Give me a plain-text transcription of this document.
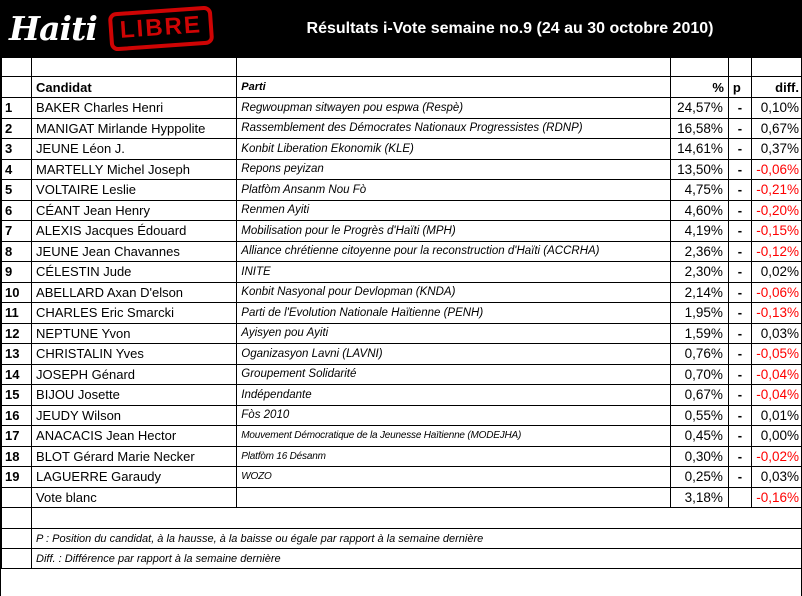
Haiti LIBRE	Résultats i-Vote semaine no.9 (24 au 30 octobre 2010)

	Candidat	Parti	%	p	diff.
1	BAKER Charles Henri	Regwoupman sitwayen pou espwa (Respè)	24,57%	-	0,10%
2	MANIGAT Mirlande Hyppolite	Rassemblement des Démocrates Nationaux Progressistes (RDNP)	16,58%	-	0,67%
3	JEUNE Léon J.	Konbit Liberation Ekonomik (KLE)	14,61%	-	0,37%
4	MARTELLY Michel Joseph	Repons peyizan	13,50%	-	-0,06%
5	VOLTAIRE Leslie	Platfòm Ansanm Nou Fò	4,75%	-	-0,21%
6	CÉANT Jean Henry	Renmen Ayiti	4,60%	-	-0,20%
7	ALEXIS Jacques Édouard	Mobilisation pour le Progrès d'Haïti (MPH)	4,19%	-	-0,15%
8	JEUNE Jean Chavannes	Alliance chrétienne citoyenne pour la reconstruction d'Haïti (ACCRHA)	2,36%	-	-0,12%
9	CÉLESTIN Jude	INITE	2,30%	-	0,02%
10	ABELLARD Axan D'elson	Konbit Nasyonal pour Devlopman (KNDA)	2,14%	-	-0,06%
11	CHARLES Eric Smarcki	Parti de l'Evolution Nationale Haïtienne (PENH)	1,95%	-	-0,13%
12	NEPTUNE Yvon	Ayisyen pou Ayiti	1,59%	-	0,03%
13	CHRISTALIN Yves	Oganizasyon Lavni (LAVNI)	0,76%	-	-0,05%
14	JOSEPH Génard	Groupement Solidarité	0,70%	-	-0,04%
15	BIJOU Josette	Indépendante	0,67%	-	-0,04%
16	JEUDY Wilson	Fòs 2010	0,55%	-	0,01%
17	ANACACIS Jean Hector	Mouvement Démocratique de la Jeunesse Haïtienne (MODEJHA)	0,45%	-	0,00%
18	BLOT Gérard Marie Necker	Platfòm 16 Désanm	0,30%	-	-0,02%
19	LAGUERRE Garaudy	WOZO	0,25%	-	0,03%
	Vote blanc		3,18%		-0,16%

	P : Position du candidat, à la hausse, à la baisse ou égale par rapport à la semaine dernière				
	Diff. : Différence par rapport à la semaine dernière				
